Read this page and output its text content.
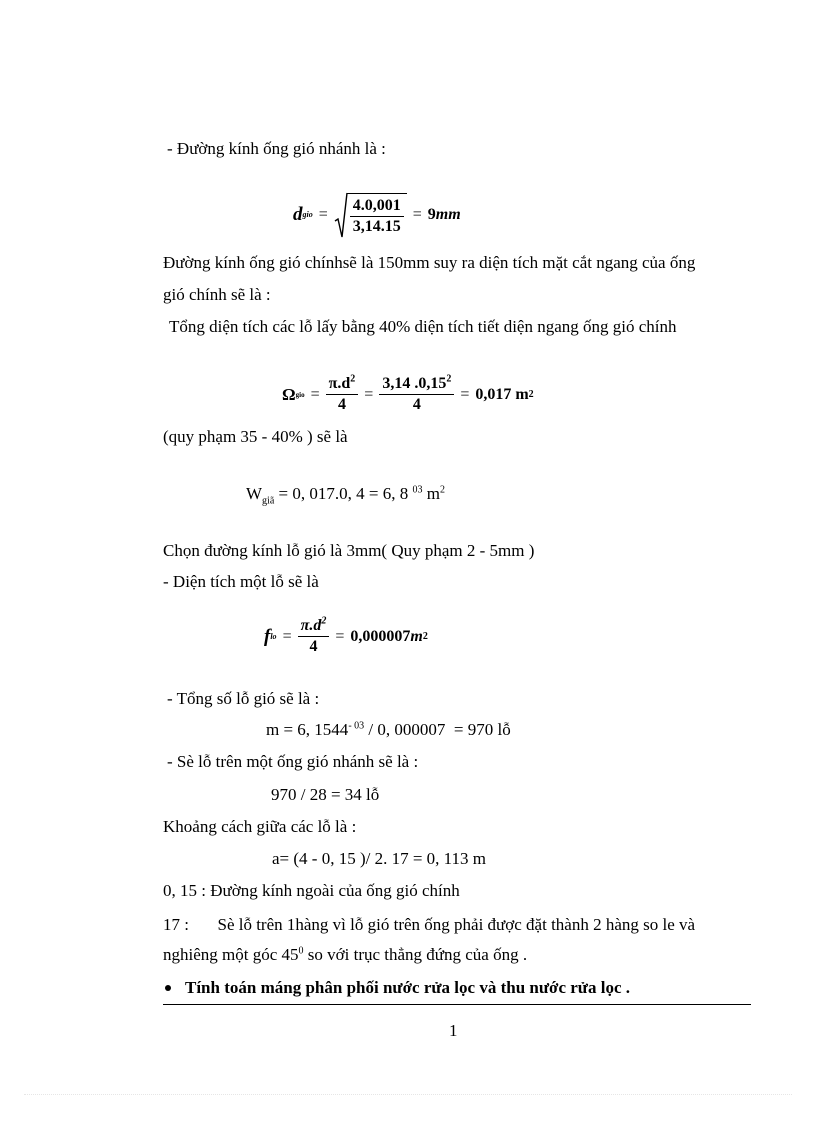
- Đường kính ống gió nhánh là :
d gio = $\frac{4.0,001}{3,14.15} = 9$ mm
Đường kính ống gió chínhsẽ là 150mm suy ra diện tích mặt cắt ngang của ống
gió chính sẽ là :
Tổng diện tích các lỗ lấy bằng 40% diện tích tiết diện ngang ống gió chính
Ω gio = $\frac{\pi.d^2}{4} = \frac{3,14 .0,15^2}{4} = 0,017$
m 2
(quy phạm 35 - 40% ) sẽ là
$W_{giã} = 0$, 017.0, 4 = 6, 8 $^{03}$ $m^2$
Chọn đường kính lỗ gió là 3mm( Quy phạm 2 - 5mm )
- Diện tích một lỗ sẽ là
f lo = $\frac{\pi.d^2}{4} = 0,000007$ m 2
- Tổng số lỗ gió sẽ là :
m = 6, $1544^{- 03} / 0$, 000007 = 970 lỗ
- Sè lỗ trên một ống gió nhánh sẽ là :
970 / 28 = 34 lỗ
Khoảng cách giữa các lỗ là :
a= (4 - 0, 15 )/ 2. 17 = 0, 113 m
0, 15 : Đường kính ngoài của ống gió chính
17 : Sè lỗ trên 1hàng vì lỗ gió trên ống phải được đặt thành 2 hàng so le và
nghiêng một góc $45^0$ so với trục thẳng đứng của ống .
Tính toán máng phân phối nước rửa lọc và thu nước rửa lọc .
1
